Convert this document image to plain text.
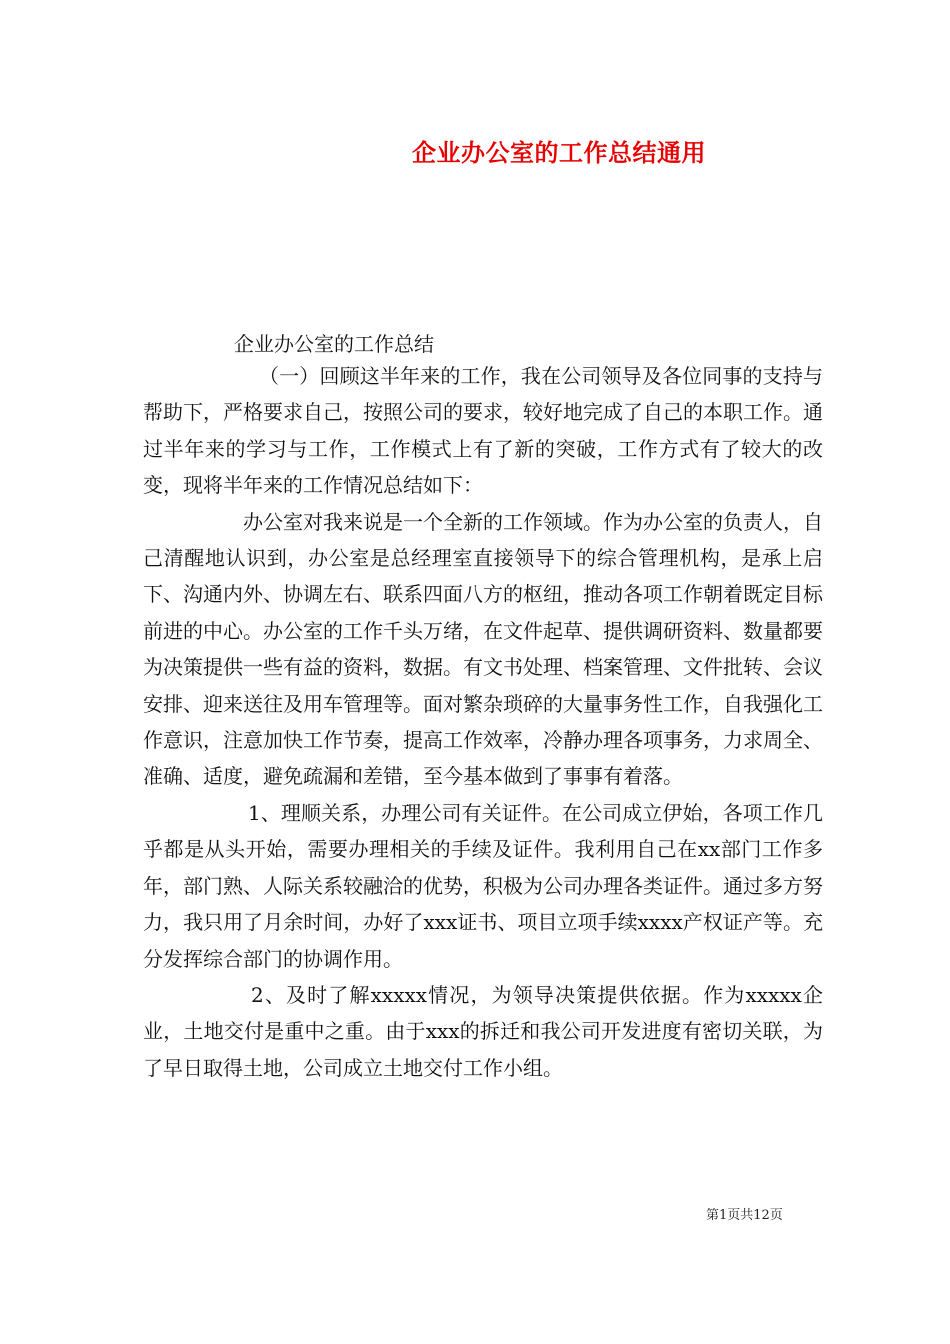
企业办公室的工作总结通用
企业办公室的工作总结

（一）回顾这半年来的工作，我在公司领导及各位同事的支持与帮助下，严格要求自己，按照公司的要求，较好地完成了自己的本职工作。通过半年来的学习与工作，工作模式上有了新的突破，工作方式有了较大的改变，现将半年来的工作情况总结如下：

办公室对我来说是一个全新的工作领域。作为办公室的负责人，自己清醒地认识到，办公室是总经理室直接领导下的综合管理机构，是承上启下、沟通内外、协调左右、联系四面八方的枢纽，推动各项工作朝着既定目标前进的中心。办公室的工作千头万绪，在文件起草、提供调研资料、数量都要为决策提供一些有益的资料，数据。有文书处理、档案管理、文件批转、会议安排、迎来送往及用车管理等。面对繁杂琐碎的大量事务性工作，自我强化工作意识，注意加快工作节奏，提高工作效率，冷静办理各项事务，力求周全、准确、适度，避免疏漏和差错，至今基本做到了事事有着落。

1、理顺关系，办理公司有关证件。在公司成立伊始，各项工作几乎都是从头开始，需要办理相关的手续及证件。我利用自己在xx部门工作多年，部门熟、人际关系较融洽的优势，积极为公司办理各类证件。通过多方努力，我只用了月余时间，办好了xxx证书、项目立项手续xxxx产权证产等。充分发挥综合部门的协调作用。

2、及时了解xxxxx情况，为领导决策提供依据。作为xxxxx企业，土地交付是重中之重。由于xxx的拆迁和我公司开发进度有密切关联，为了早日取得土地，公司成立土地交付工作小组。

第1页共12页
